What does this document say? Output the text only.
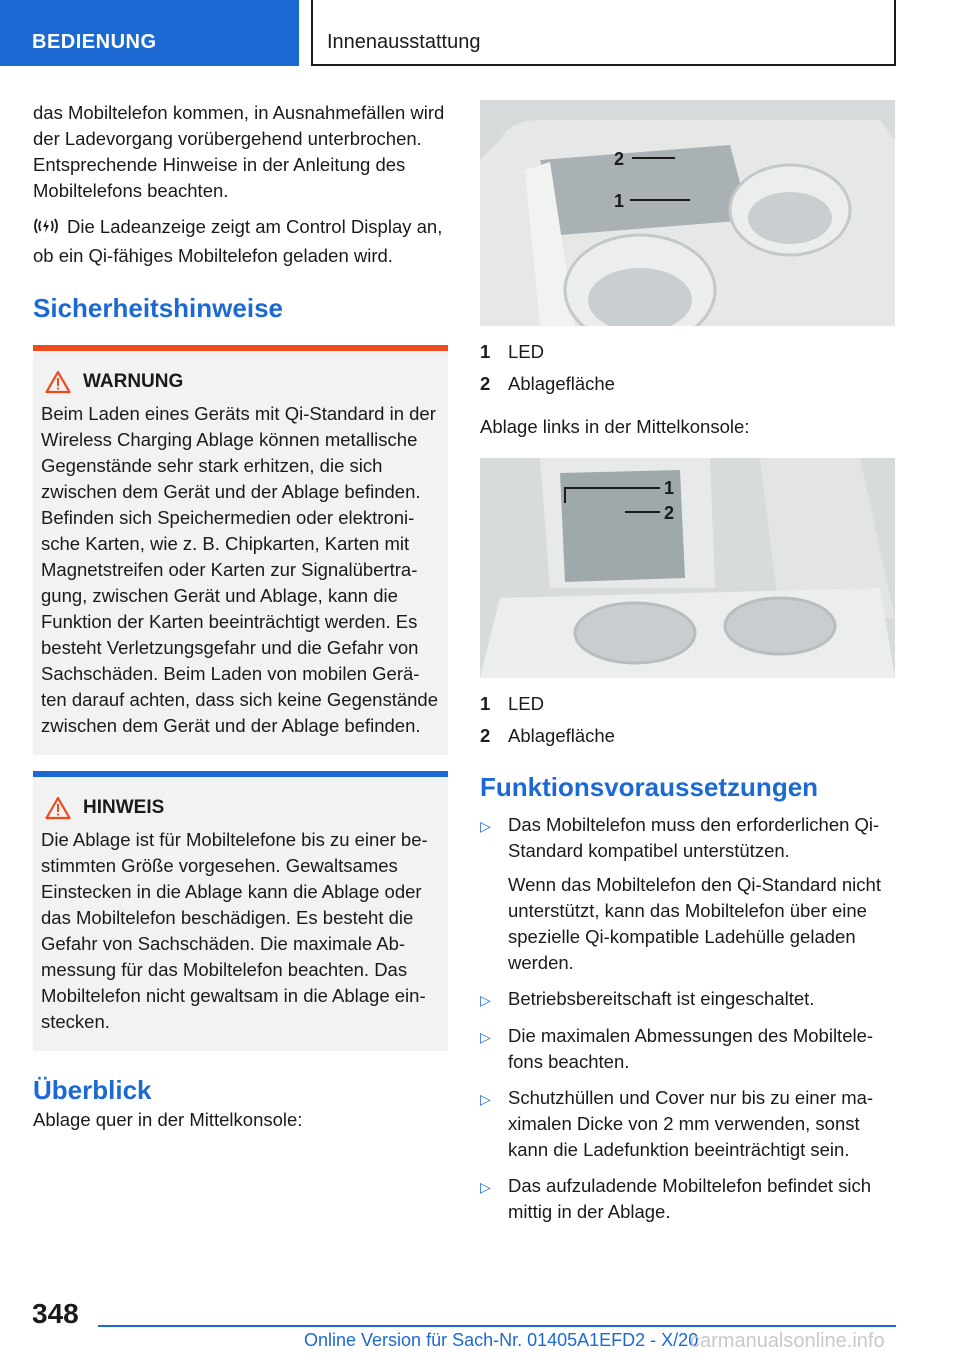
BEDIENUNG	Innenausstattung

das Mobiltelefon kommen, in Ausnahmefällen wird der Ladevorgang vorübergehend unterbrochen. Entsprechende Hinweise in der Anleitung des Mobiltelefons beachten.

Die Ladeanzeige zeigt am Control Display an, ob ein Qi-fähiges Mobiltelefon geladen wird.

Sicherheitshinweise
WARNUNG

Beim Laden eines Geräts mit Qi-Standard in der Wireless Charging Ablage können metallische Gegenstände sehr stark erhitzen, die sich zwischen dem Gerät und der Ablage befinden. Befinden sich Speichermedien oder elektronische Karten, wie z. B. Chipkarten, Karten mit Magnetstreifen oder Karten zur Signalübertragung, zwischen Gerät und Ablage, kann die Funktion der Karten beeinträchtigt werden. Es besteht Verletzungsgefahr und die Gefahr von Sachschäden. Beim Laden von mobilen Geräten darauf achten, dass sich keine Gegenstände zwischen dem Gerät und der Ablage befinden.

HINWEIS

Die Ablage ist für Mobiltelefone bis zu einer bestimmten Größe vorgesehen. Gewaltsames Einstecken in die Ablage kann die Ablage oder das Mobiltelefon beschädigen. Es besteht die Gefahr von Sachschäden. Die maximale Abmessung für das Mobiltelefon beachten. Das Mobiltelefon nicht gewaltsam in die Ablage einstecken.

Überblick

Ablage quer in der Mittelkonsole:

2
1
1 LED
2 Ablagefläche

Ablage links in der Mittelkonsole:

1
2
1 LED
2 Ablagefläche
Funktionsvoraussetzungen
▷ Das Mobiltelefon muss den erforderlichen Qi-Standard kompatibel unterstützen.

Wenn das Mobiltelefon den Qi-Standard nicht unterstützt, kann das Mobiltelefon über eine spezielle Qi-kompatible Ladehülle geladen werden.

▷ Betriebsbereitschaft ist eingeschaltet.
▷ Die maximalen Abmessungen des Mobiltelefons beachten.
▷ Schutzhüllen und Cover nur bis zu einer maximalen Dicke von 2 mm verwenden, sonst kann die Ladefunktion beeinträchtigt sein.
▷ Das aufzuladende Mobiltelefon befindet sich mittig in der Ablage.
348
Online Version für Sach-Nr. 01405A1EFD2 - X/20
carmanualsonline.info
